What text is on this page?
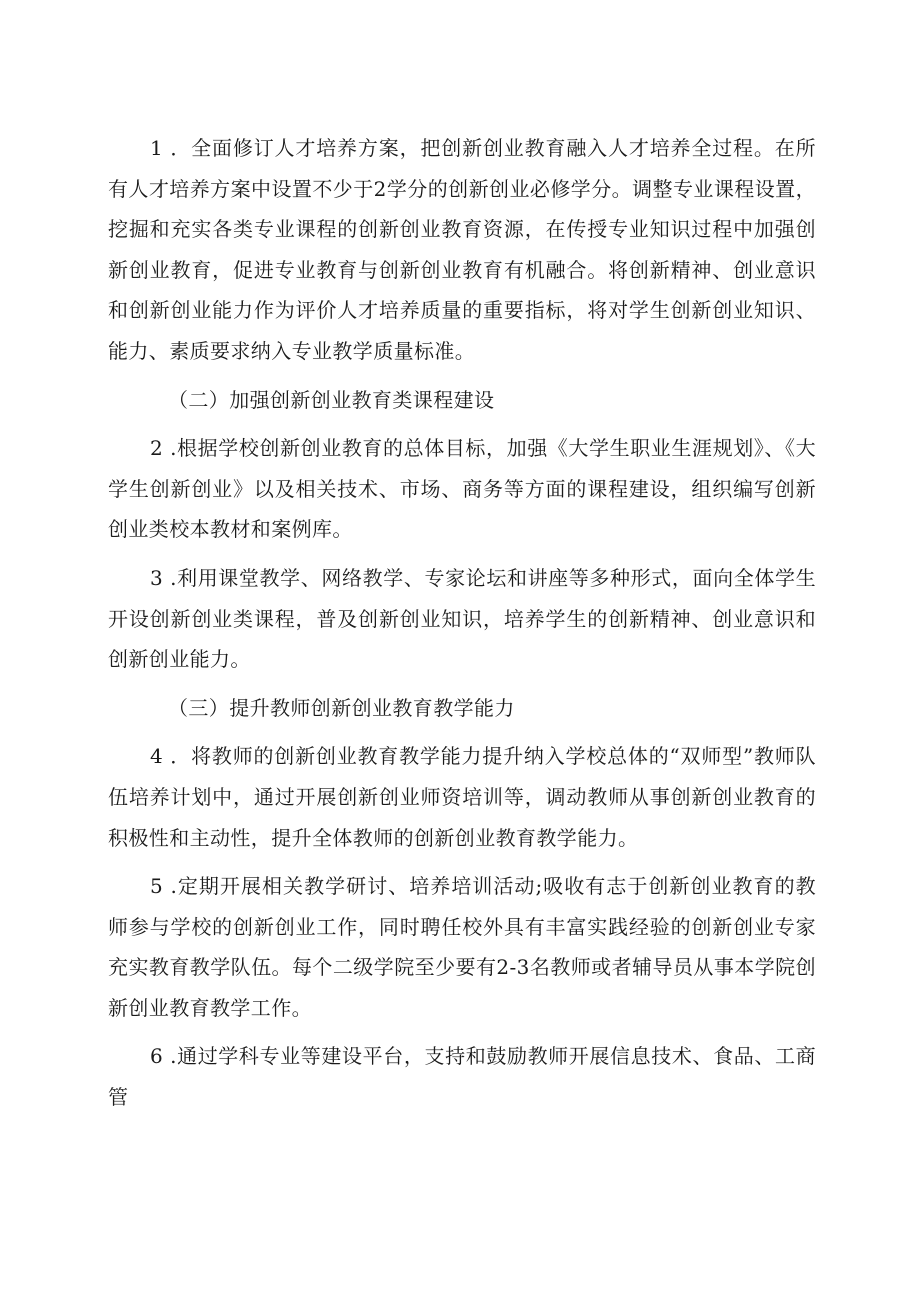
1 ．全面修订人才培养方案，把创新创业教育融入人才培养全过程。在所有人才培养方案中设置不少于2学分的创新创业必修学分。调整专业课程设置，挖掘和充实各类专业课程的创新创业教育资源，在传授专业知识过程中加强创新创业教育，促进专业教育与创新创业教育有机融合。将创新精神、创业意识和创新创业能力作为评价人才培养质量的重要指标，将对学生创新创业知识、能力、素质要求纳入专业教学质量标准。

（二）加强创新创业教育类课程建设

2 .根据学校创新创业教育的总体目标，加强《大学生职业生涯规划》、《大学生创新创业》以及相关技术、市场、商务等方面的课程建设，组织编写创新创业类校本教材和案例库。

3 .利用课堂教学、网络教学、专家论坛和讲座等多种形式，面向全体学生开设创新创业类课程，普及创新创业知识，培养学生的创新精神、创业意识和创新创业能力。

（三）提升教师创新创业教育教学能力

4 ．将教师的创新创业教育教学能力提升纳入学校总体的“双师型”教师队伍培养计划中，通过开展创新创业师资培训等，调动教师从事创新创业教育的积极性和主动性，提升全体教师的创新创业教育教学能力。

5 .定期开展相关教学研讨、培养培训活动;吸收有志于创新创业教育的教师参与学校的创新创业工作，同时聘任校外具有丰富实践经验的创新创业专家充实教育教学队伍。每个二级学院至少要有2-3名教师或者辅导员从事本学院创新创业教育教学工作。

6 .通过学科专业等建设平台，支持和鼓励教师开展信息技术、食品、工商管
